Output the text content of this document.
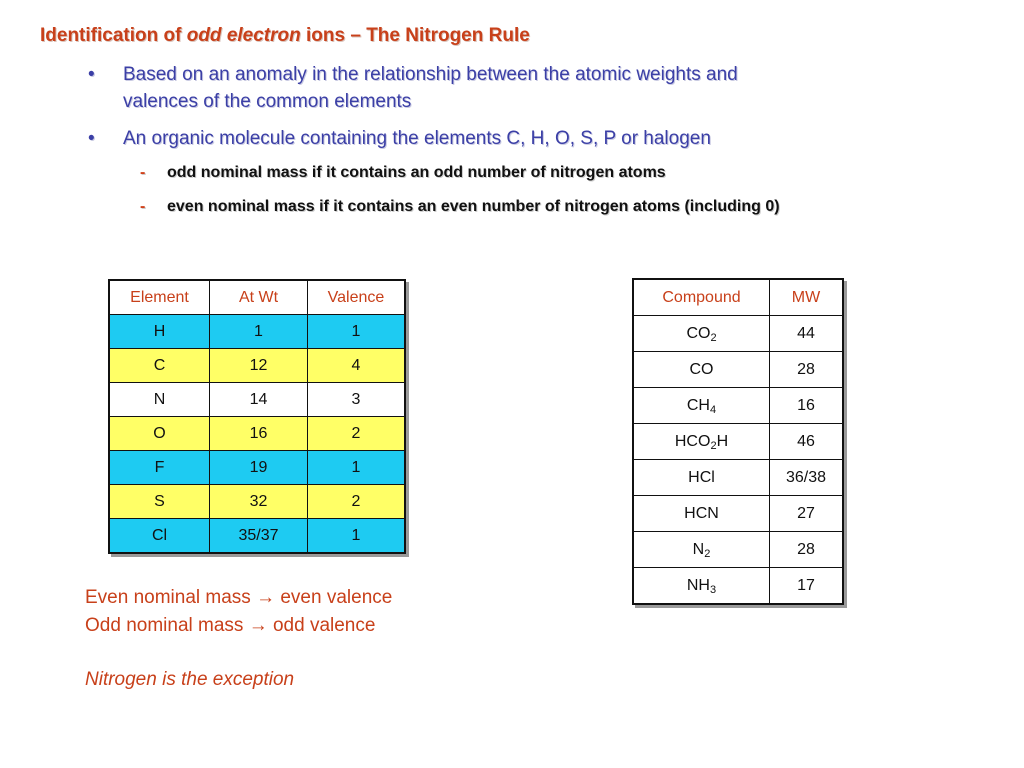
Identification of odd electron ions – The Nitrogen Rule
•	Based on an anomaly in the relationship between the atomic weights and
valences of the common elements
•	An organic molecule containing the elements C, H, O, S, P or halogen
- odd nominal mass if it contains an odd number of nitrogen atoms
- even nominal mass if it contains an even number of nitrogen atoms (including 0)
Element	At Wt	Valence
H	1	1
C	12	4
N	14	3
O	16	2
F	19	1
S	32	2
Cl	35/37	1
Compound	MW
$CO_2$	44
CO	28
$CH_4$	16
$HCO_2H$	46
HCl	36/38
HCN	27
$N_2$	28
$NH_3$	17
Even nominal mass → even valence
Odd nominal mass → odd valence
Nitrogen is the exception
